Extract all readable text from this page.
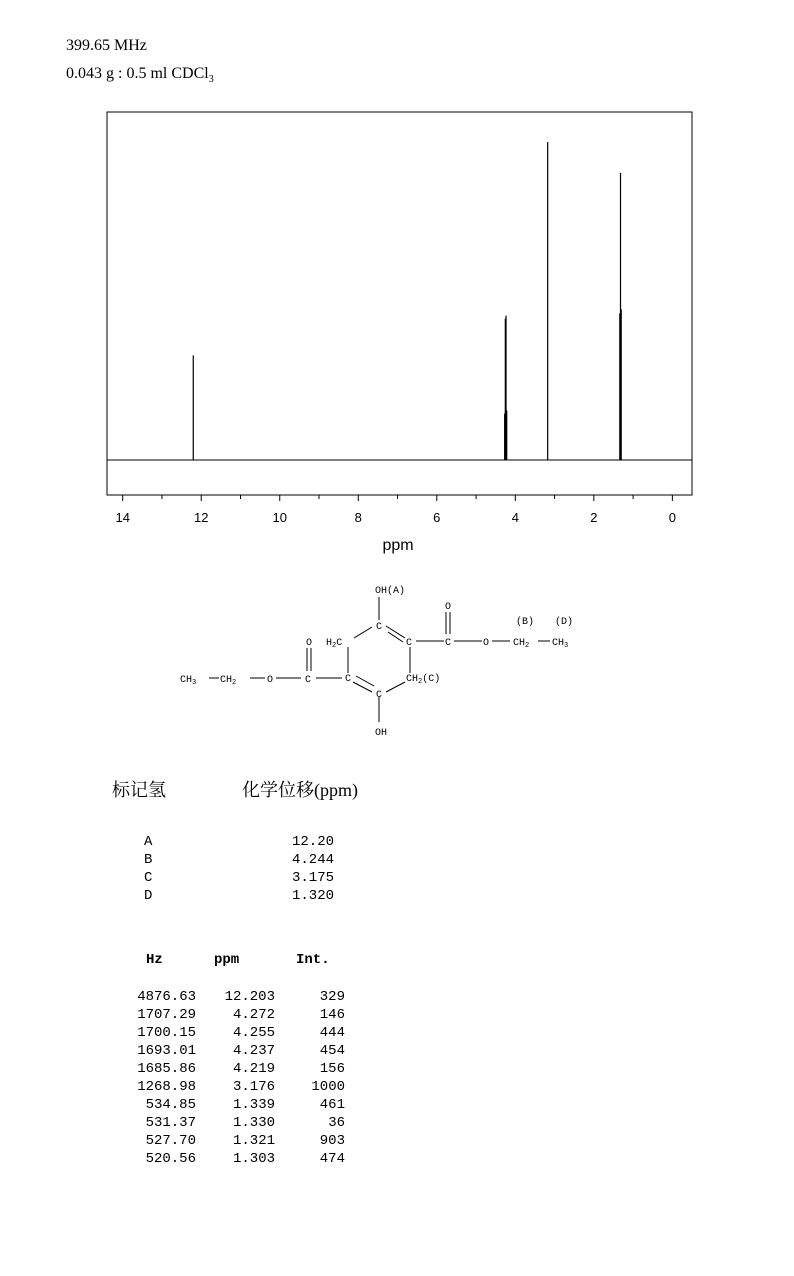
399.65 MHz
0.043 g : 0.5 ml CDCl$_3$
14	12	10	8	6	4	2	0
ppm
OH(A)
OH
C
C
C
C
$H_2C$
$CH_2(C)$
O
C	O $CH_2$ $CH_3$
(B) (D)
O
C
O
$CH_2$
$CH_3$
标记氢	化学位移(ppm)
A	12.20
B	4.244
C	3.175
D	1.320
Hz	ppm	Int.
4876.63	12.203	329
1707.29	4.272	146
1700.15	4.255	444
1693.01	4.237	454
1685.86	4.219	156
1268.98	3.176	1000
534.85	1.339	461
531.37	1.330	36
527.70	1.321	903
520.56	1.303	474
